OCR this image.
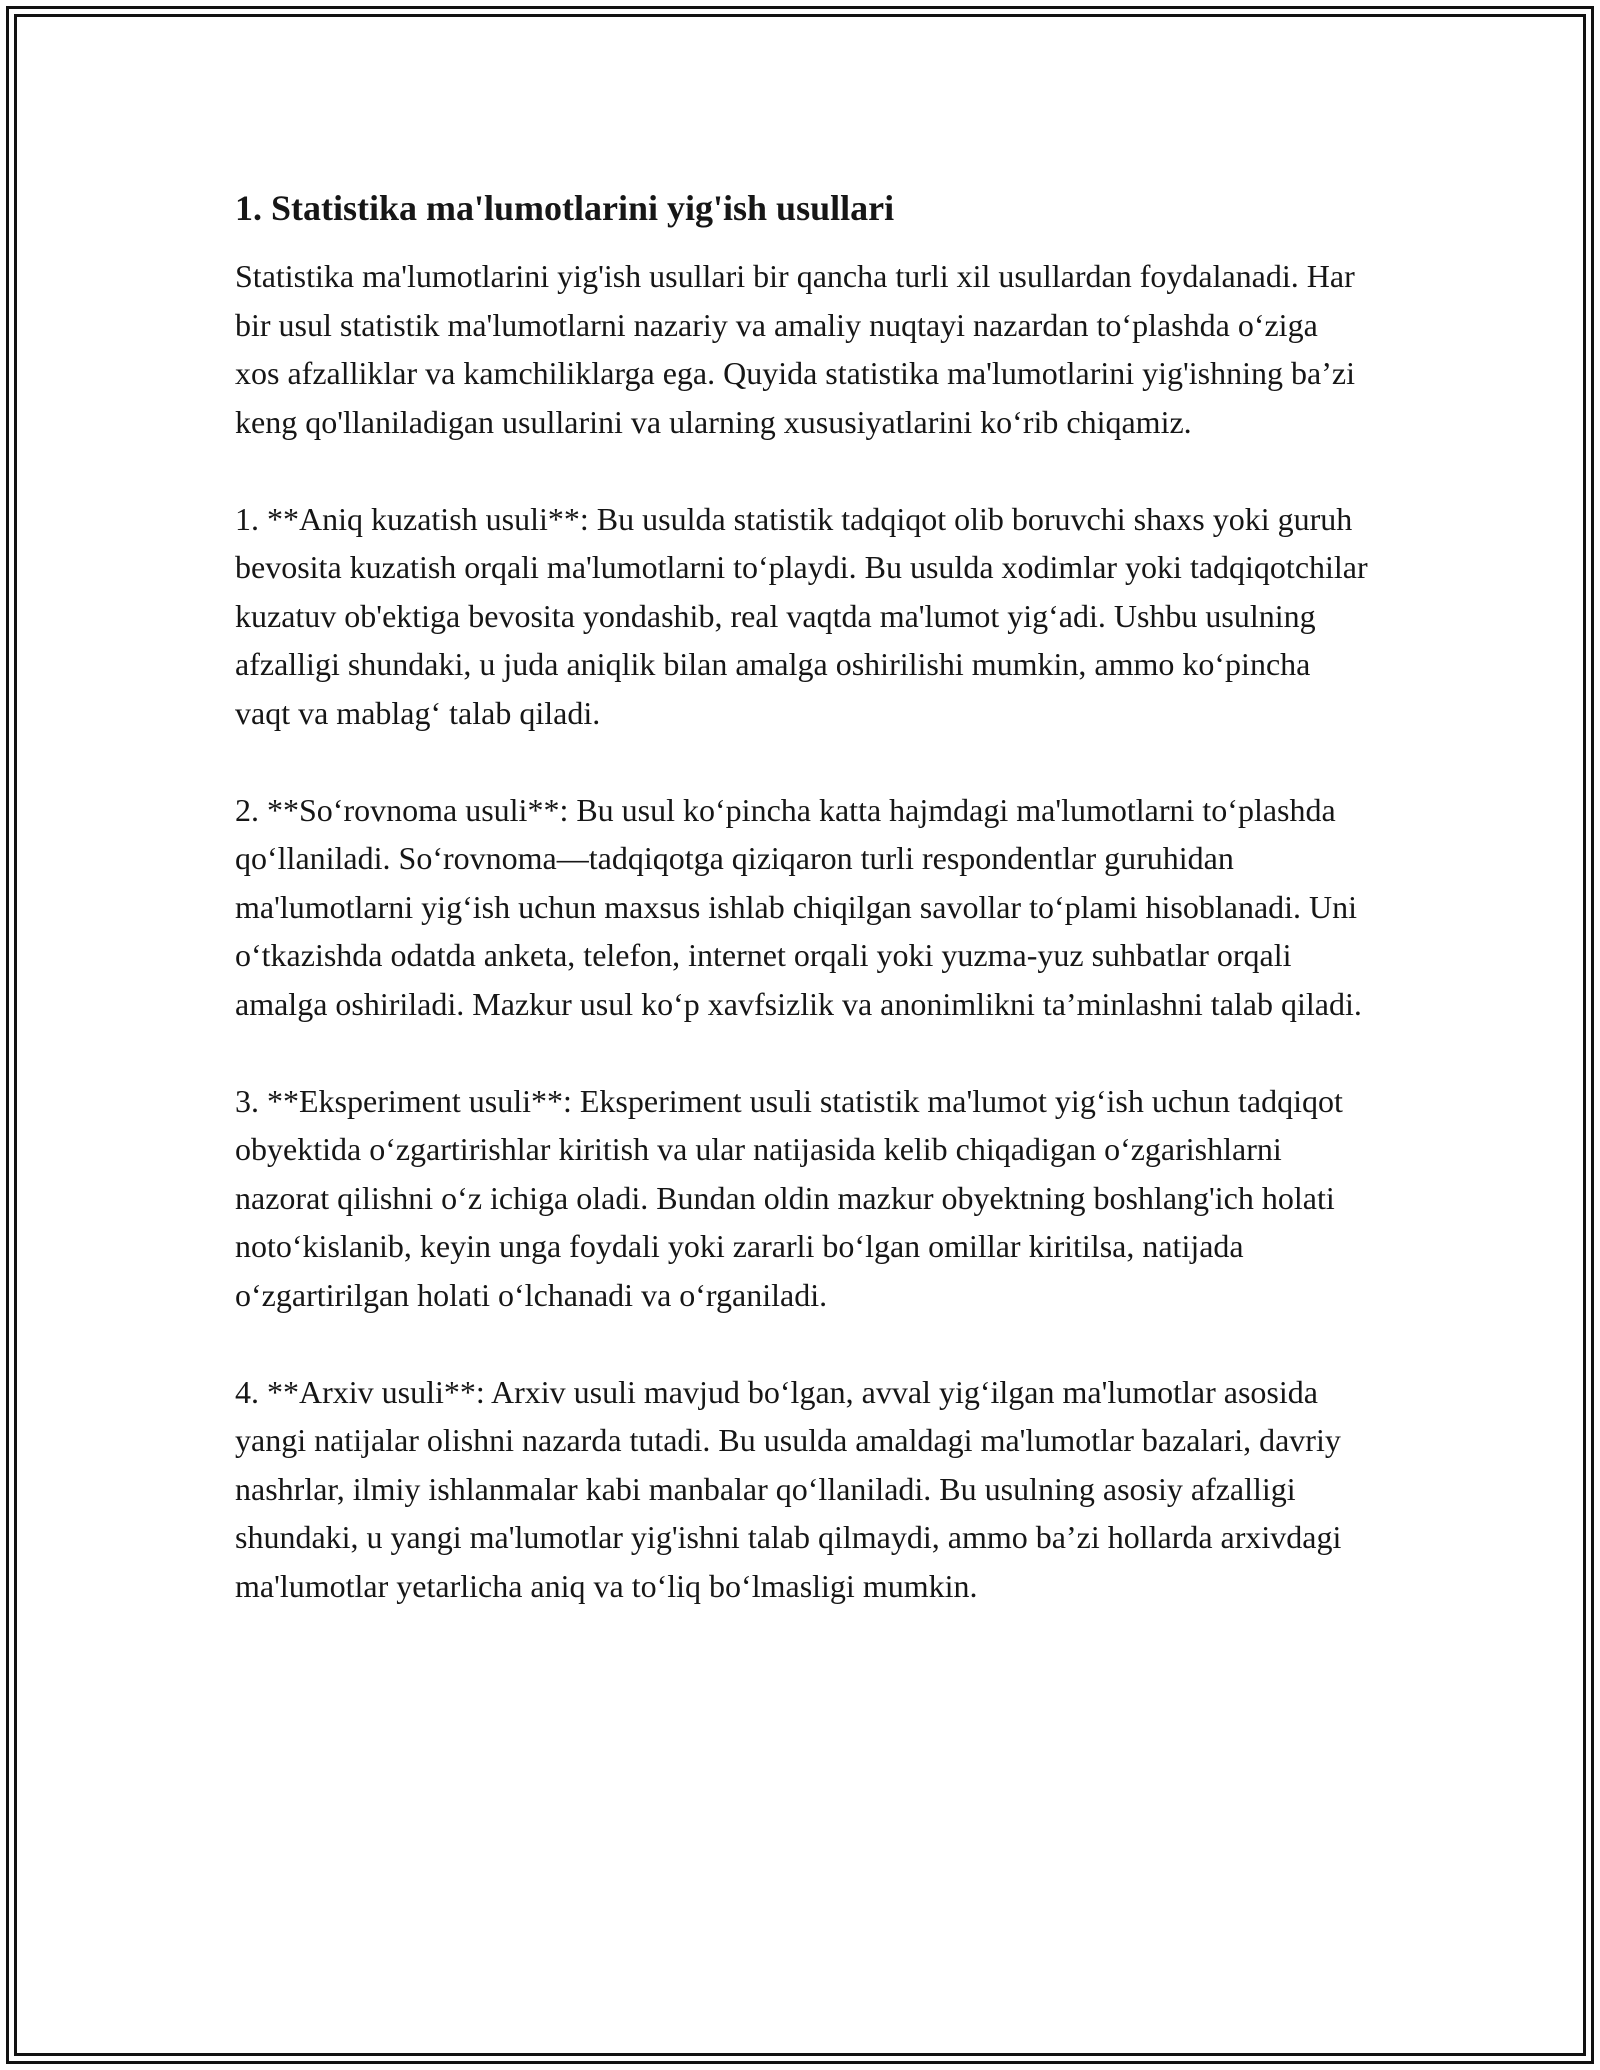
1. Statistika ma'lumotlarini yig'ish usullari

Statistika ma'lumotlarini yig'ish usullari bir qancha turli xil usullardan foydalanadi. Har bir usul statistik ma'lumotlarni nazariy va amaliy nuqtayi nazardan to‘plashda o‘ziga xos afzalliklar va kamchiliklarga ega. Quyida statistika ma'lumotlarini yig'ishning ba’zi keng qo'llaniladigan usullarini va ularning xususiyatlarini ko‘rib chiqamiz.

1. **Aniq kuzatish usuli**: Bu usulda statistik tadqiqot olib boruvchi shaxs yoki guruh bevosita kuzatish orqali ma'lumotlarni to‘playdi. Bu usulda xodimlar yoki tadqiqotchilar kuzatuv ob'ektiga bevosita yondashib, real vaqtda ma'lumot yig‘adi. Ushbu usulning afzalligi shundaki, u juda aniqlik bilan amalga oshirilishi mumkin, ammo ko‘pincha vaqt va mablag‘ talab qiladi.

2. **So‘rovnoma usuli**: Bu usul ko‘pincha katta hajmdagi ma'lumotlarni to‘plashda qo‘llaniladi. So‘rovnoma—tadqiqotga qiziqaron turli respondentlar guruhidan ma'lumotlarni yig‘ish uchun maxsus ishlab chiqilgan savollar to‘plami hisoblanadi. Uni o‘tkazishda odatda anketa, telefon, internet orqali yoki yuzma-yuz suhbatlar orqali amalga oshiriladi. Mazkur usul ko‘p xavfsizlik va anonimlikni ta’minlashni talab qiladi.

3. **Eksperiment usuli**: Eksperiment usuli statistik ma'lumot yig‘ish uchun tadqiqot obyektida o‘zgartirishlar kiritish va ular natijasida kelib chiqadigan o‘zgarishlarni nazorat qilishni o‘z ichiga oladi. Bundan oldin mazkur obyektning boshlang'ich holati noto‘kislanib, keyin unga foydali yoki zararli bo‘lgan omillar kiritilsa, natijada o‘zgartirilgan holati o‘lchanadi va o‘rganiladi.

4. **Arxiv usuli**: Arxiv usuli mavjud bo‘lgan, avval yig‘ilgan ma'lumotlar asosida yangi natijalar olishni nazarda tutadi. Bu usulda amaldagi ma'lumotlar bazalari, davriy nashrlar, ilmiy ishlanmalar kabi manbalar qo‘llaniladi. Bu usulning asosiy afzalligi shundaki, u yangi ma'lumotlar yig'ishni talab qilmaydi, ammo ba’zi hollarda arxivdagi ma'lumotlar yetarlicha aniq va to‘liq bo‘lmasligi mumkin.
